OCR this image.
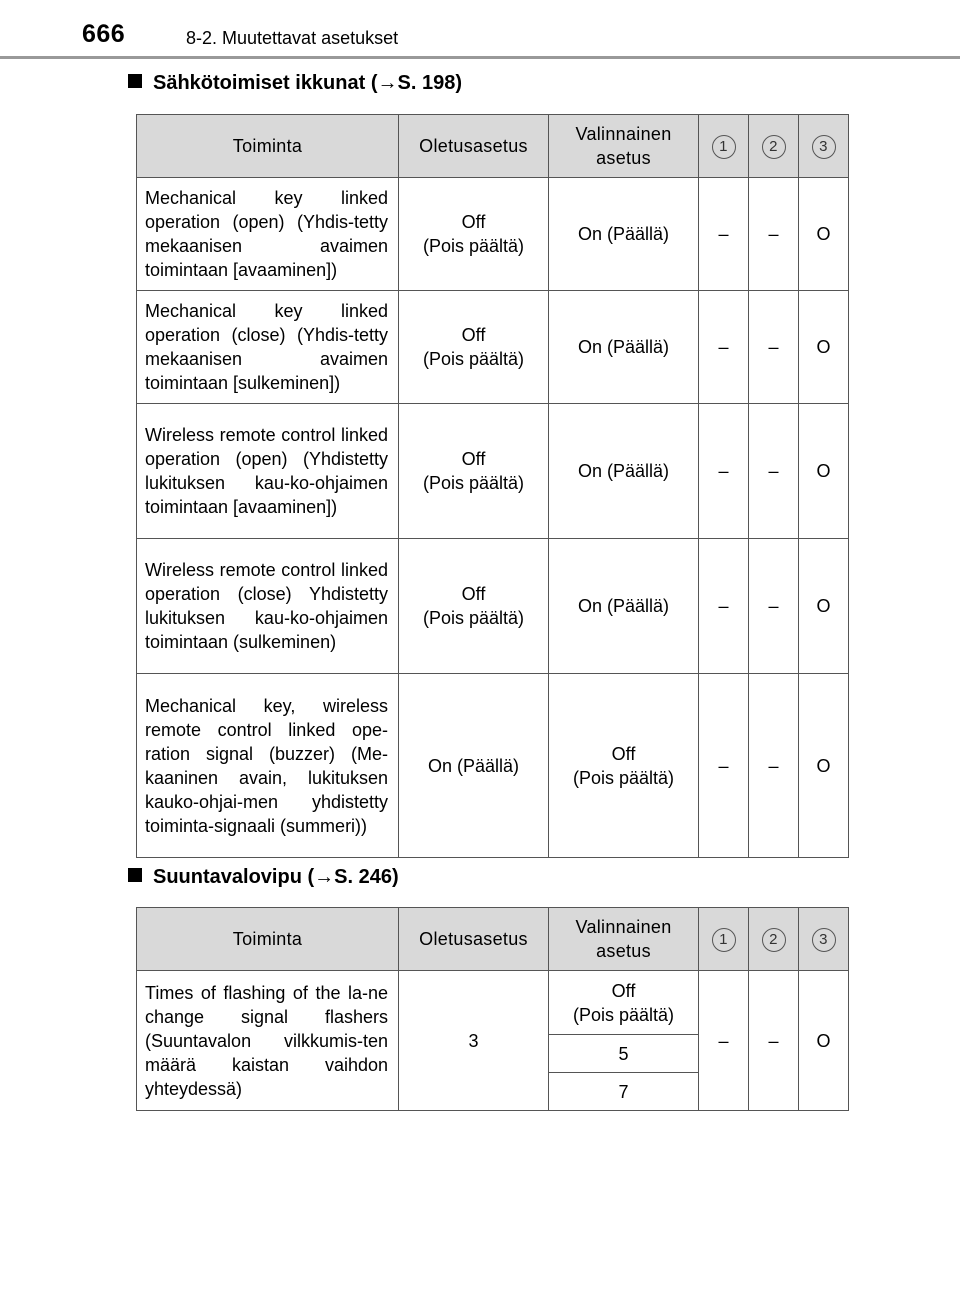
666	8-2. Muutettavat asetukset
Sähkötoimiset ikkunat (→S. 198)
Toiminta	Oletusasetus	Valinnainen asetus	1	2	3
Mechanical key linked operation (open) (Yhdis-tetty mekaanisen avaimen toimintaan [avaaminen])	Off
(Pois päältä)	On (Päällä)	–	–	O
Mechanical key linked operation (close) (Yhdis-tetty mekaanisen avaimen toimintaan [sulkeminen])	Off
(Pois päältä)	On (Päällä)	–	–	O
Wireless remote control linked operation (open) (Yhdistetty lukituksen kau-ko-ohjaimen toimintaan [avaaminen])	Off
(Pois päältä)	On (Päällä)	–	–	O
Wireless remote control linked operation (close) Yhdistetty lukituksen kau-ko-ohjaimen toimintaan (sulkeminen)	Off
(Pois päältä)	On (Päällä)	–	–	O
Mechanical key, wireless remote control linked ope-ration signal (buzzer) (Me-kaaninen avain, lukituksen kauko-ohjai-men yhdistetty toiminta-signaali (summeri))	On (Päällä)	Off
(Pois päältä)	–	–	O
Suuntavalovipu (→S. 246)
Toiminta	Oletusasetus	Valinnainen asetus	1	2	3
Times of flashing of the la-ne change signal flashers (Suuntavalon vilkkumis-ten määrä kaistan vaihdon yhteydessä)	3	Off
(Pois päältä)	–	–	O
		5			
		7			
